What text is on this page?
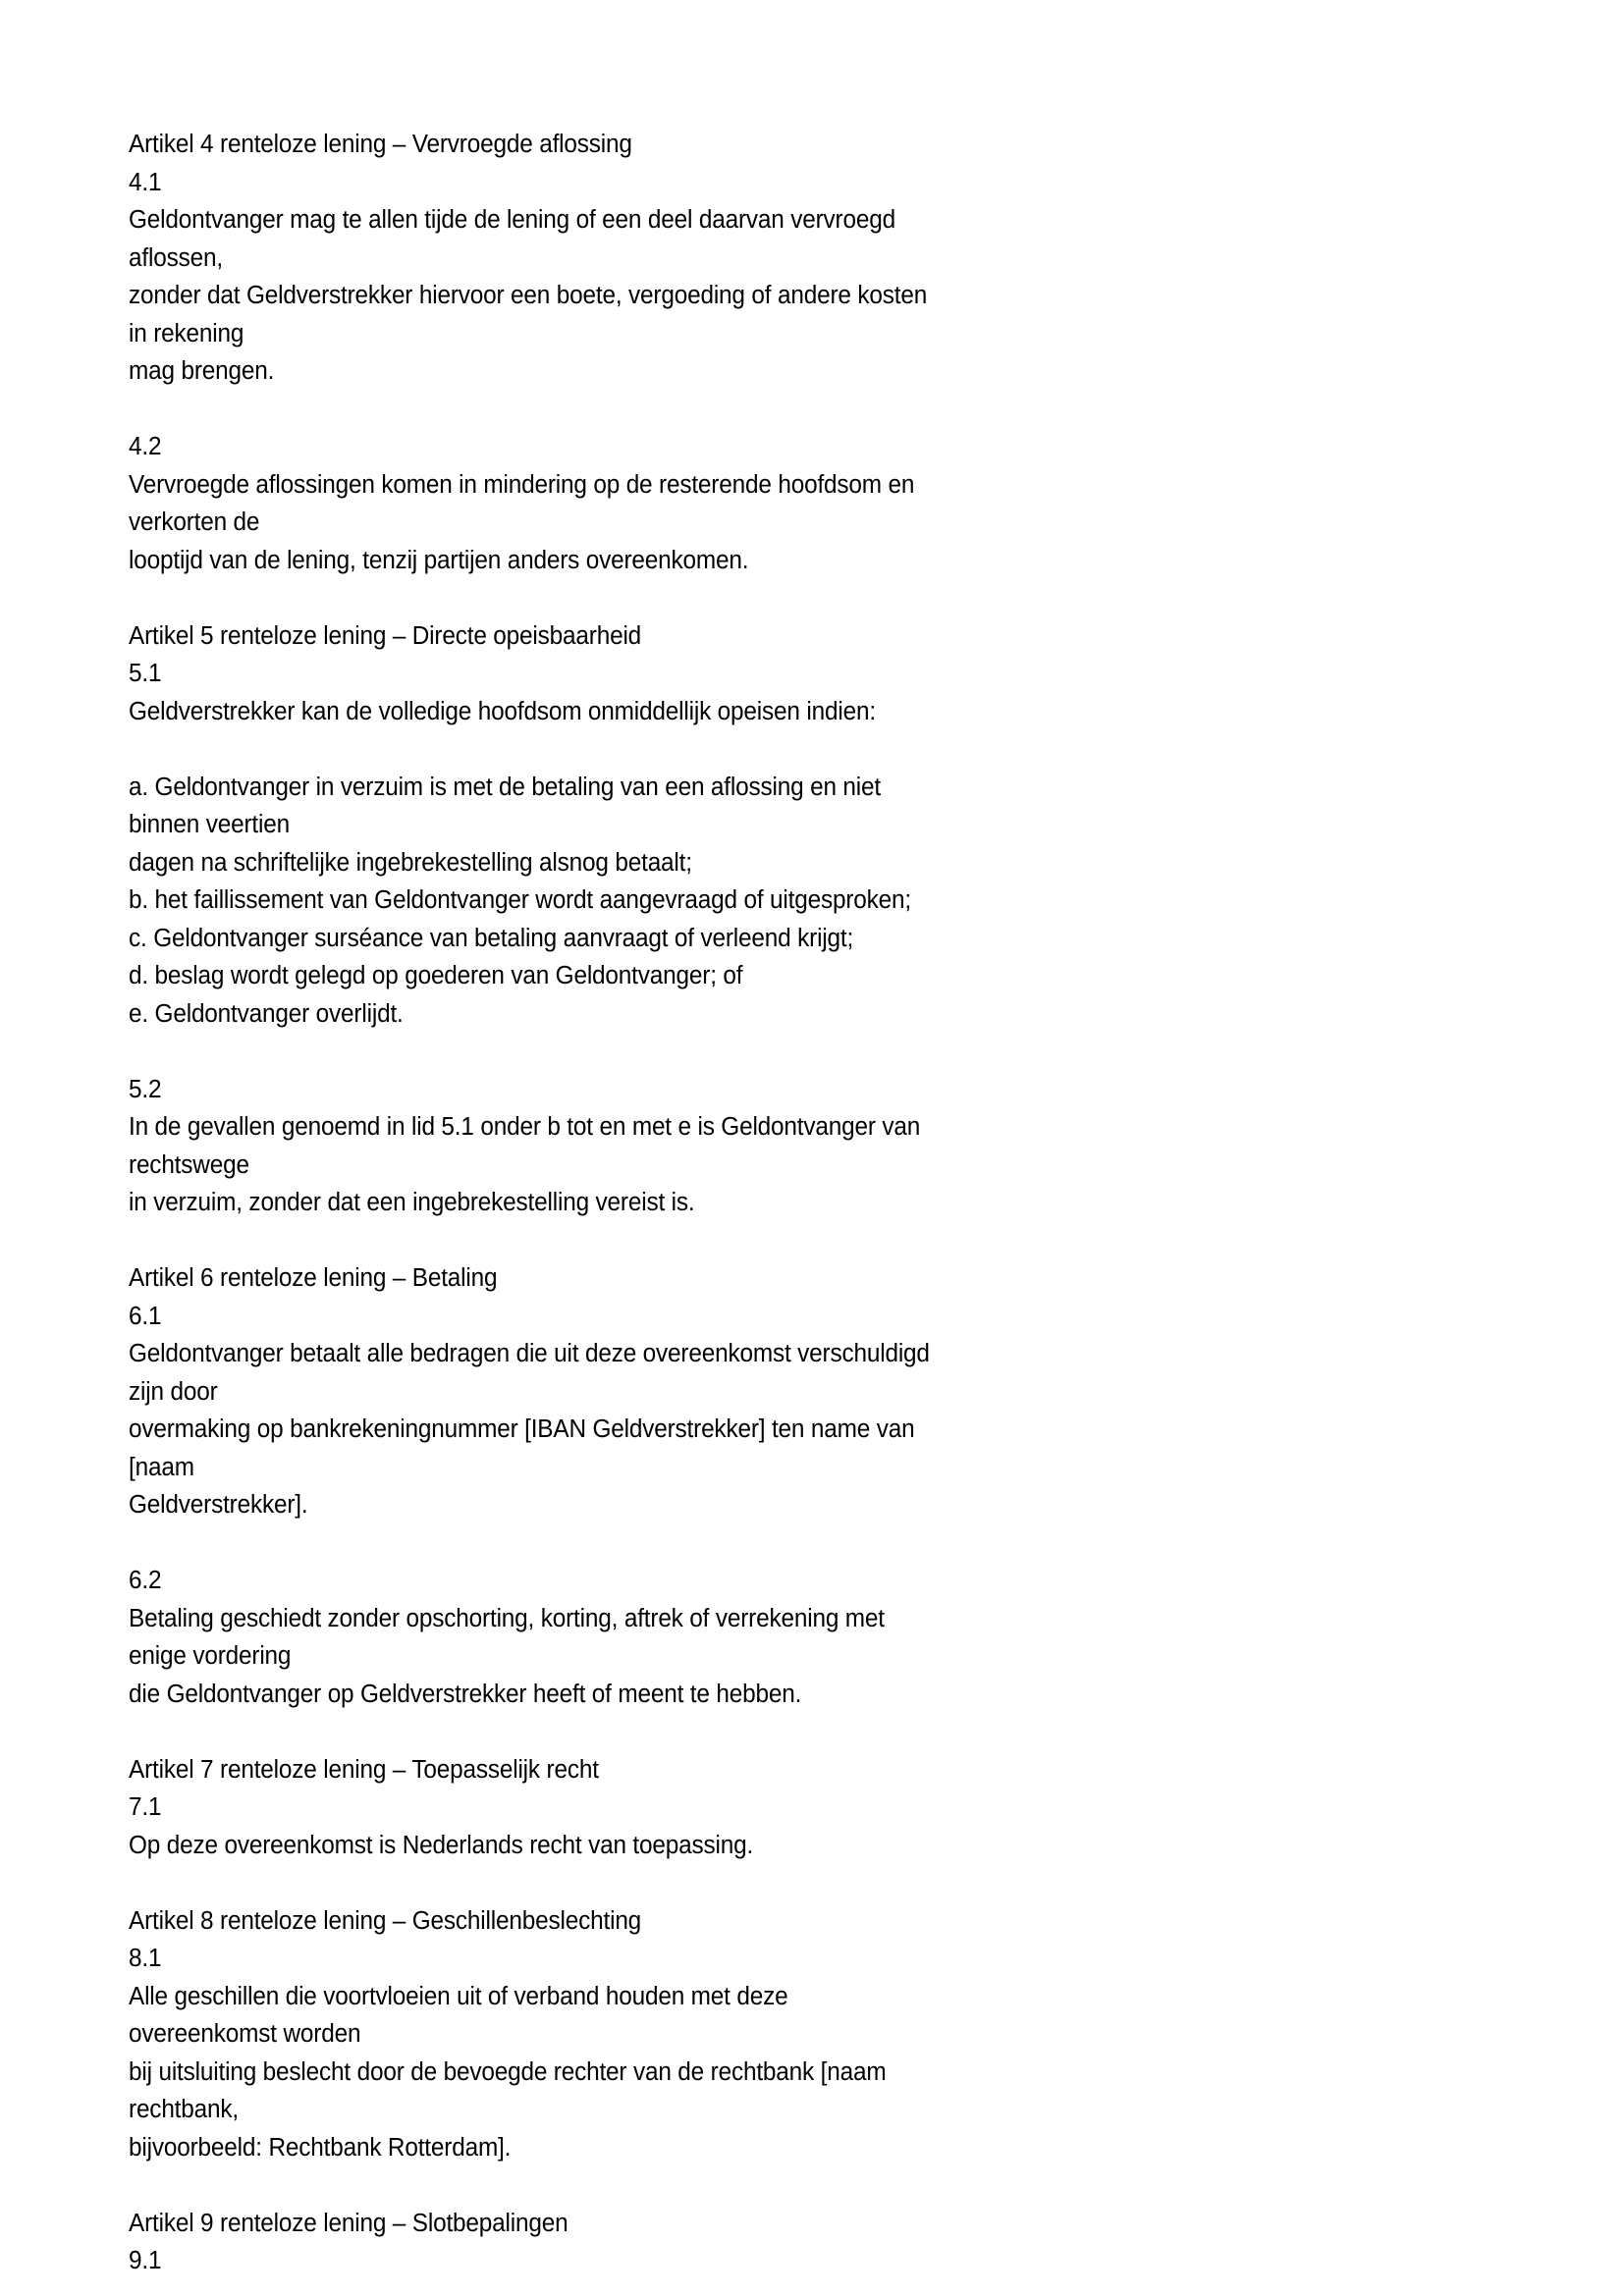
Artikel 4 renteloze lening – Vervroegde aflossing
4.1
Geldontvanger mag te allen tijde de lening of een deel daarvan vervroegd aflossen,
zonder dat Geldverstrekker hiervoor een boete, vergoeding of andere kosten in rekening
mag brengen.
4.2
Vervroegde aflossingen komen in mindering op de resterende hoofdsom en verkorten de
looptijd van de lening, tenzij partijen anders overeenkomen.
Artikel 5 renteloze lening – Directe opeisbaarheid
5.1
Geldverstrekker kan de volledige hoofdsom onmiddellijk opeisen indien:
a. Geldontvanger in verzuim is met de betaling van een aflossing en niet binnen veertien
dagen na schriftelijke ingebrekestelling alsnog betaalt;
b. het faillissement van Geldontvanger wordt aangevraagd of uitgesproken;
c. Geldontvanger surséance van betaling aanvraagt of verleend krijgt;
d. beslag wordt gelegd op goederen van Geldontvanger; of
e. Geldontvanger overlijdt.
5.2
In de gevallen genoemd in lid 5.1 onder b tot en met e is Geldontvanger van rechtswege
in verzuim, zonder dat een ingebrekestelling vereist is.
Artikel 6 renteloze lening – Betaling
6.1
Geldontvanger betaalt alle bedragen die uit deze overeenkomst verschuldigd zijn door
overmaking op bankrekeningnummer [IBAN Geldverstrekker] ten name van [naam
Geldverstrekker].
6.2
Betaling geschiedt zonder opschorting, korting, aftrek of verrekening met enige vordering
die Geldontvanger op Geldverstrekker heeft of meent te hebben.
Artikel 7 renteloze lening – Toepasselijk recht
7.1
Op deze overeenkomst is Nederlands recht van toepassing.
Artikel 8 renteloze lening – Geschillenbeslechting
8.1
Alle geschillen die voortvloeien uit of verband houden met deze overeenkomst worden
bij uitsluiting beslecht door de bevoegde rechter van de rechtbank [naam rechtbank,
bijvoorbeeld: Rechtbank Rotterdam].
Artikel 9 renteloze lening – Slotbepalingen
9.1
